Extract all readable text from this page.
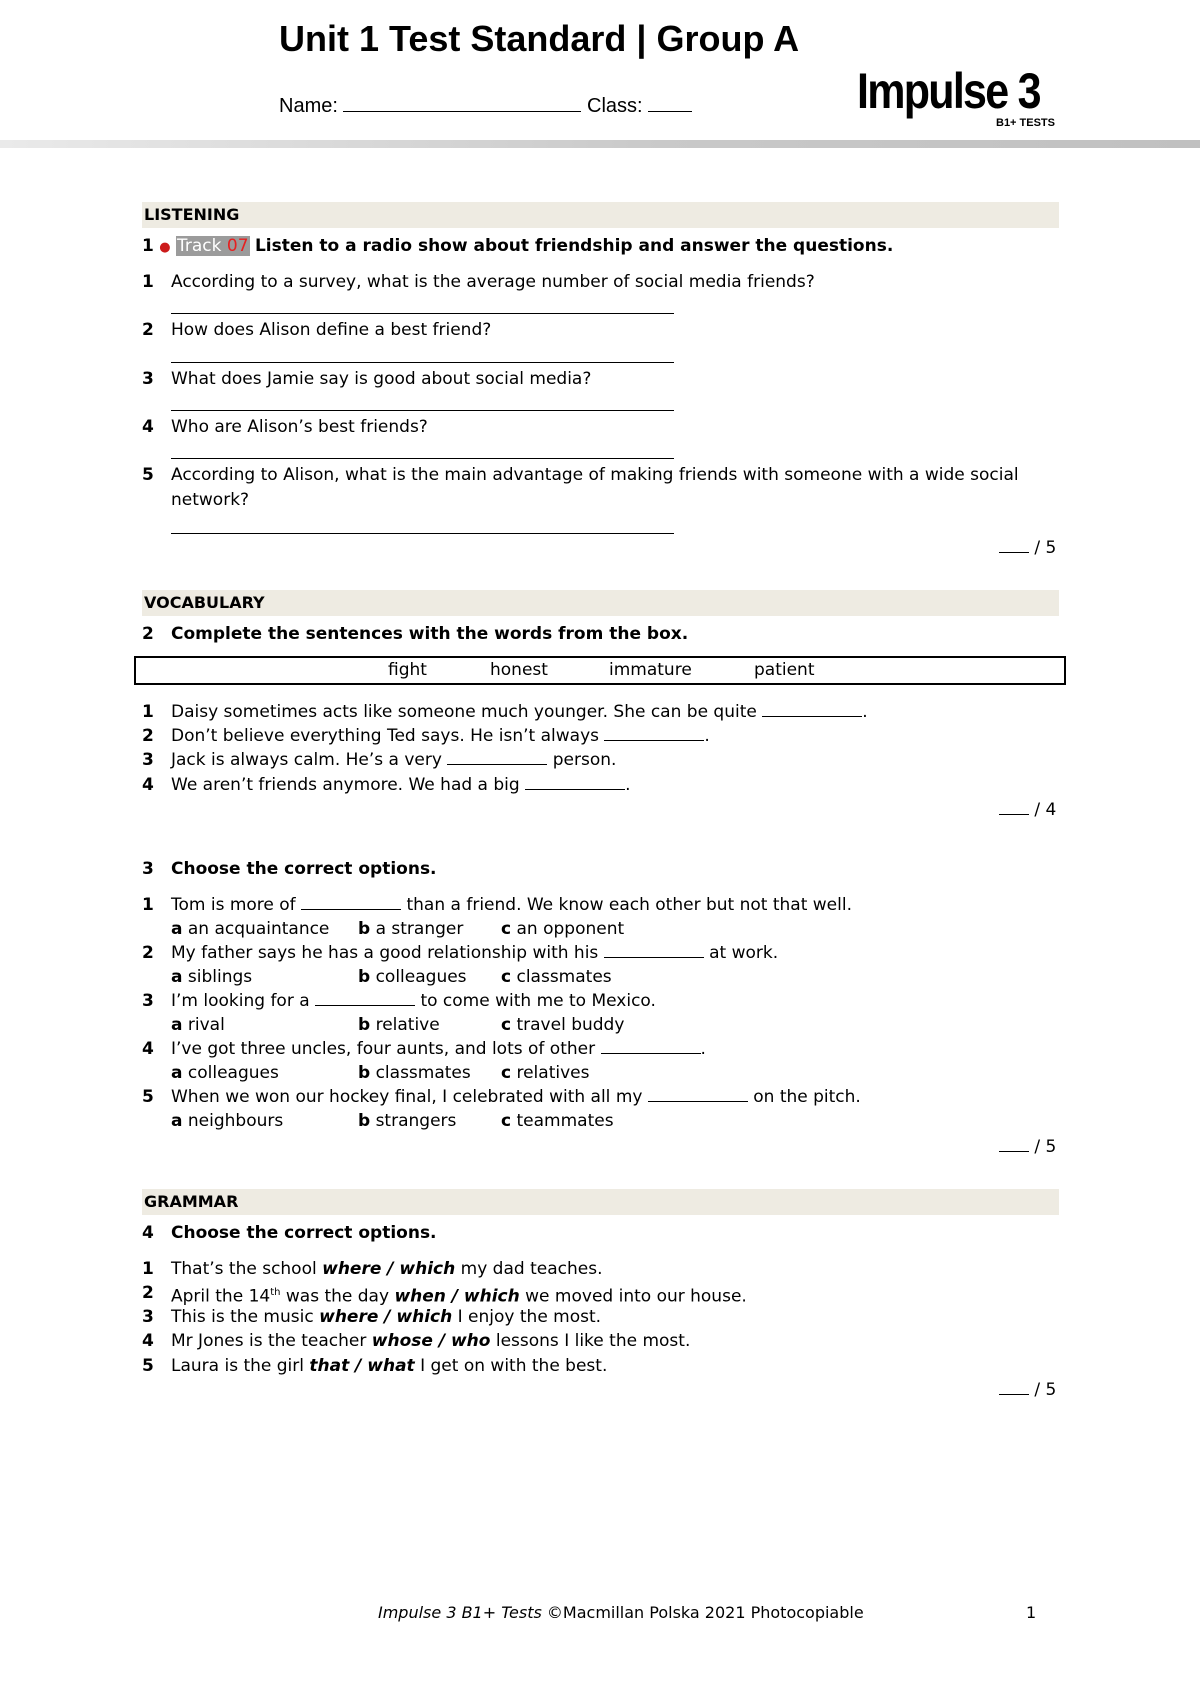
Unit 1 Test Standard | Group A
Name:	Class:	Impulse 3
B1+ TESTS
LISTENING
1 ● Track 07 Listen to a radio show about friendship and answer the questions.
1 According to a survey, what is the average number of social media friends?
2 How does Alison define a best friend?
3 What does Jamie say is good about social media?
4 Who are Alison’s best friends?
5 According to Alison, what is the main advantage of making friends with someone with a wide social
network?
/ 5
VOCABULARY
2 Complete the sentences with the words from the box.
fight	honest	immature	patient
1 Daisy sometimes acts like someone much younger. She can be quite	.
2 Don’t believe everything Ted says. He isn’t always	.
3 Jack is always calm. He’s a very	person.
4 We aren’t friends anymore. We had a big	.
/ 4
3 Choose the correct options.
1 Tom is more of	than a friend. We know each other but not that well.
a an acquaintance b a stranger c an opponent
2 My father says he has a good relationship with his	at work.
a siblings	b colleagues c classmates
3 I’m looking for a	to come with me to Mexico.
a rival	b relative	c travel buddy
4 I’ve got three uncles, four aunts, and lots of other	.
a colleagues	b classmates c relatives
5 When we won our hockey final, I celebrated with all my	on the pitch.
a neighbours	b strangers	c teammates
/ 5
GRAMMAR
4 Choose the correct options.
1 That’s the school where / which my dad teaches.
2 April the 14th was the day when / which we moved into our house.
3 This is the music where / which I enjoy the most.
4 Mr Jones is the teacher whose / who lessons I like the most.
5 Laura is the girl that / what I get on with the best.
/ 5
Impulse 3 B1+ Tests ©Macmillan Polska 2021 Photocopiable	1
